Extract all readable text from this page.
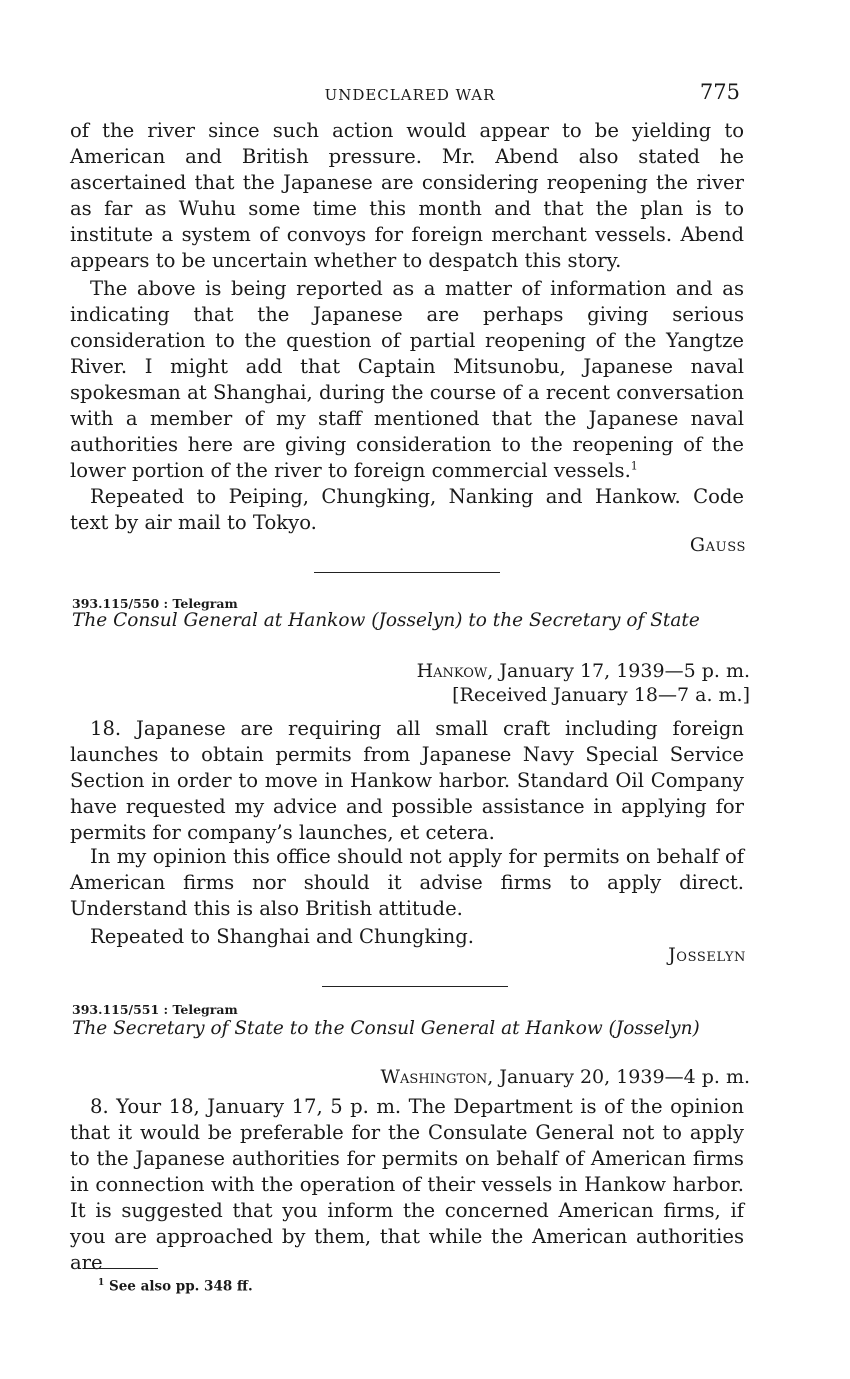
UNDECLARED WAR	775

of the river since such action would appear to be yielding to American and British pressure. Mr. Abend also stated he ascertained that the Japanese are considering reopening the river as far as Wuhu some time this month and that the plan is to institute a system of convoys for foreign merchant vessels. Abend appears to be uncertain whether to despatch this story.

The above is being reported as a matter of information and as indicating that the Japanese are perhaps giving serious consideration to the question of partial reopening of the Yangtze River. I might add that Captain Mitsunobu, Japanese naval spokesman at Shanghai, during the course of a recent conversation with a member of my staff mentioned that the Japanese naval authorities here are giving consideration to the reopening of the lower portion of the river to foreign commercial vessels.$^1$

Repeated to Peiping, Chungking, Nanking and Hankow. Code text by air mail to Tokyo.

Gauss
393.115/550 : Telegram
The Consul General at Hankow (Josselyn) to the Secretary of State
Hankow, January 17, 1939—5 p. m.
[Received January 18—7 a. m.]

18. Japanese are requiring all small craft including foreign launches to obtain permits from Japanese Navy Special Service Section in order to move in Hankow harbor. Standard Oil Company have requested my advice and possible assistance in applying for permits for company’s launches, et cetera.

In my opinion this office should not apply for permits on behalf of American firms nor should it advise firms to apply direct. Understand this is also British attitude.

Repeated to Shanghai and Chungking.

Josselyn
393.115/551 : Telegram
The Secretary of State to the Consul General at Hankow (Josselyn)
Washington, January 20, 1939—4 p. m.

8. Your 18, January 17, 5 p. m. The Department is of the opinion that it would be preferable for the Consulate General not to apply to the Japanese authorities for permits on behalf of American firms in connection with the operation of their vessels in Hankow harbor. It is suggested that you inform the concerned American firms, if you are approached by them, that while the American authorities are

$^1$ See also pp. 348 ff.
